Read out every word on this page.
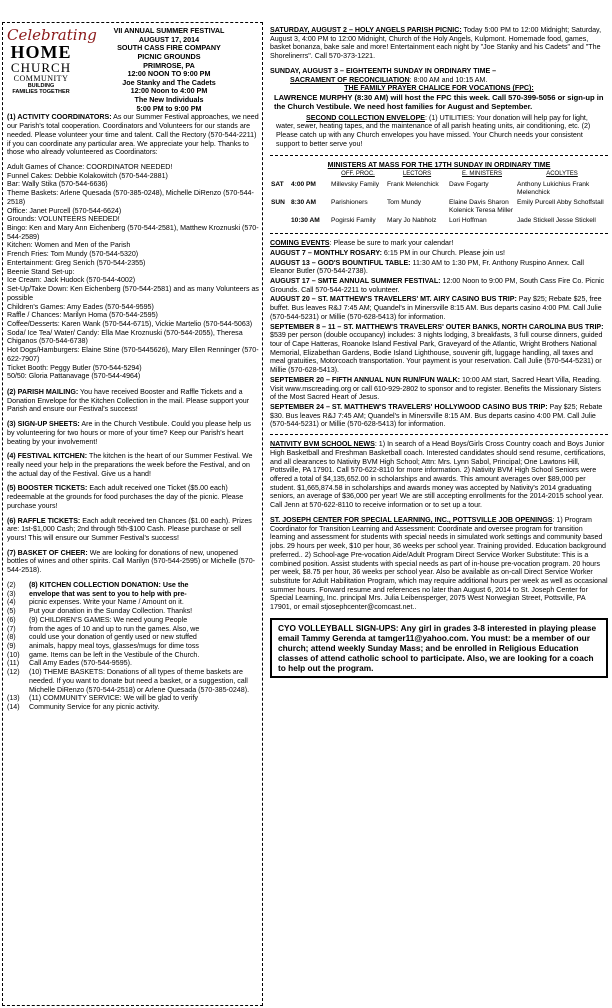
Celebrating
HOME
CHURCH
COMMUNITY
BUILDING
FAMILIES TOGETHER
VII ANNUAL SUMMER FESTIVAL
AUGUST 17, 2014
SOUTH CASS FIRE COMPANY
PICNIC GROUNDS
PRIMROSE, PA
12:00 NOON TO 9:00 PM
Joe Stanky and The Cadets
12:00 Noon to 4:00 PM
The New Individuals
5:00 PM to 9:00 PM

(1) ACTIVITY COORDINATORS: As our Summer Festival approaches, we need our Parish's total cooperation. Coordinators and Volunteers for our stands are needed. Please volunteer your time and talent. Call the Rectory (570-544-2211) if you can coordinate any particular area. We appreciate your help. Thanks to those who already volunteered as Coordinators:

Adult Games of Chance: COORDINATOR NEEDED!
Funnel Cakes: Debbie Kolakowitch (570-544-2881)
Bar: Wally Stika (570-544-6636)
Theme Baskets: Arlene Quesada (570-385-0248), Michelle DiRenzo (570-544-2518)
Office: Janet Purcell (570-544-6624)
Grounds: VOLUNTEERS NEEDED!
Bingo: Ken and Mary Ann Eichenberg (570-544-2581), Matthew Kroznuski (570-544-2589)
Kitchen: Women and Men of the Parish
French Fries: Tom Mundy (570-544-5320)
Entertainment: Greg Senich (570-544-2355)
Beenie Stand Set-up:
Ice Cream: Jack Hudock (570-544-4002)
Set-Up/Take Down: Ken Eichenberg (570-544-2581) and as many Volunteers as possible
Children's Games: Amy Eades (570-544-9595)
Raffle / Chances: Marilyn Homa (570-544-2595)
Coffee/Desserts: Karen Wank (570-544-6715), Vickie Martelio (570-544-5063)
Soda/ Ice Tea/ Water/ Candy: Ella Mae Kroznuski (570-544-2055), Theresa Chiganos (570-544-6738)
Hot Dogs/Hamburgers: Elaine Stine (570-5445626), Mary Ellen Renninger (570-622-7907)
Ticket Booth: Peggy Butler (570-544-5294)
50/50: Gloria Pattanavage (570-544-4964)

(2) PARISH MAILING: You have received Booster and Raffle Tickets and a Donation Envelope for the Kitchen Collection in the mail. Please support your Parish and ensure our Festival's success!

(3) SIGN-UP SHEETS: Are in the Church Vestibule. Could you please help us by volunteering for two hours or more of your time? Keep our Parish's heart beating by your involvement!

(4) FESTIVAL KITCHEN: The kitchen is the heart of our Summer Festival. We really need your help in the preparations the week before the Festival, and on the actual day of the Festival. Give us a hand!

(5) BOOSTER TICKETS: Each adult received one Ticket ($5.00 each) redeemable at the grounds for food purchases the day of the picnic. Please purchase yours!

(6) RAFFLE TICKETS: Each adult received ten Chances ($1.00 each). Prizes are: 1st-$1,000 Cash; 2nd through 5th-$100 Cash. Please purchase or sell yours! This will ensure our Summer Festival's success!

(7) BASKET OF CHEER: We are looking for donations of new, unopened bottles of wines and other spirits. Call Marilyn (570-544-2595) or Michelle (570-544-2518).

(2)	(8) KITCHEN COLLECTION DONATION: Use the
(3)	envelope that was sent to you to help with pre-
(4)	picnic expenses. Write your Name / Amount on it.
(5)	Put your donation in the Sunday Collection. Thanks!
(6)	(9) CHILDREN'S GAMES: We need young People
(7)	from the ages of 10 and up to run the games. Also, we
(8)	could use your donation of gently used or new stuffed
(9)	animals, happy meal toys, glasses/mugs for dime toss
(10)	game. Items can be left in the Vestibule of the Church.
(11)	Call Amy Eades (570-544-9595).
(12)	(10) THEME BASKETS: Donations of all types of theme baskets are needed. If you want to donate but need a basket, or a suggestion, call Michelle DiRenzo (570-544-2518) or Arlene Quesada (570-385-0248).
(13)	(11) COMMUNITY SERVICE: We will be glad to verify
(14)	Community Service for any picnic activity.

SATURDAY, AUGUST 2 – HOLY ANGELS PARISH PICNIC: Today 5:00 PM to 12:00 Midnight; Saturday, August 3, 4:00 PM to 12:00 Midnight, Church of the Holy Angels, Kulpmont. Homemade food, games, basket bonanza, bake sale and more! Entertainment each night by "Joe Stanky and his Cadets" and "The Shorelinerrs". Call 570-373-1221.

SUNDAY, AUGUST 3 – EIGHTEENTH SUNDAY IN ORDINARY TIME –
SACRAMENT OF RECONCILIATION: 8:00 AM and 10:15 AM.
THE FAMILY PRAYER CHALICE FOR VOCATIONS (FPC):
LAWRENCE MURPHY (8:30 AM) will host the FPC this week. Call 570-399-5056 or sign-up in the Church Vestibule. We need host families for August and September.

SECOND COLLECTION ENVELOPE: (1) UTILITIES: Your donation will help pay for light, water, sewer, heating tapes, and the maintenance of all parish heating units, air conditioning, etc. (2) Please catch up with any Church envelopes you have missed. Your Church needs your consistent support to better serve you!

MINISTERS AT MASS FOR THE 17TH SUNDAY IN ORDINARY TIME
		OFF. PROC.	LECTORS	E. MINISTERS	ACOLYTES
SAT	4:00 PM	Millevsky Family	Frank Melenchick	Dave Fogarty	Anthony Lukichius Frank Melenchick
SUN	8:30 AM	Parishioners	Tom Mundy	Elaine Davis Sharon Kolenick Teresa Miller	Emily Purcell Abby Schoffstall
	10:30 AM	Pogirski Family	Mary Jo Nabholz	Lori Hoffman	Jade Stickell Jesse Stickell
COMING EVENTS: Please be sure to mark your calendar!
AUGUST 7 – MONTHLY ROSARY: 6:15 PM in our Church. Please join us!
AUGUST 13 – GOD'S BOUNTIFUL TABLE: 11:30 AM to 1:30 PM, Fr. Anthony Ruspino Annex. Call Eleanor Butler (570-544-2738).
AUGUST 17 – SMTE ANNUAL SUMMER FESTIVAL: 12:00 Noon to 9:00 PM, South Cass Fire Co. Picnic Grounds. Call 570-544-2211 to volunteer.
AUGUST 20 – ST. MATTHEW'S TRAVELERS' MT. AIRY CASINO BUS TRIP: Pay $25; Rebate $25, free buffet. Bus leaves R&J 7:45 AM; Quandel's in Minersville 8:15 AM. Bus departs casino 4:00 PM. Call Julie (570-544-5231) or Millie (570-628-5413) for information.
SEPTEMBER 8 – 11 – ST. MATTHEW'S TRAVELERS' OUTER BANKS, NORTH CAROLINA BUS TRIP: $539 per person (double occupancy) includes: 3 nights lodging, 3 breakfasts, 3 full course dinners, guided tour of Cape Hatteras, Roanoke Island Festival Park, Graveyard of the Atlantic, Wright Brothers National Memorial, Elizabethan Gardens, Bodie Island Lighthouse, souvenir gift, luggage handling, all taxes and meal gratuities, Motorcoach transportation. Your payment is your reservation. Call Julie (570-544-5231) or Millie (570-628-5413).
SEPTEMBER 20 – FIFTH ANNUAL NUN RUN/FUN WALK: 10:00 AM start, Sacred Heart Villa, Reading. Visit www.mscreading.org or call 610-929-2802 to sponsor and to register. Benefits the Missionary Sisters of the Most Sacred Heart of Jesus.
SEPTEMBER 24 – ST. MATTHEW'S TRAVELERS' HOLLYWOOD CASINO BUS TRIP: Pay $25; Rebate $30. Bus leaves R&J 7:45 AM; Quandel's in Minersville 8:15 AM. Bus departs casino 4:00 PM. Call Julie (570-544-5231) or Millie (570-628-5413) for information.

NATIVITY BVM SCHOOL NEWS: 1) In search of a Head Boys/Girls Cross Country coach and Boys Junior High Basketball and Freshman Basketball coach. Interested candidates should send resume, certifications, and all clearances to Nativity BVM High School; Attn: Mrs. Lynn Sabol, Principal; One Lawtons Hill, Pottsville, PA 17901. Call 570-622-8110 for more information. 2) Nativity BVM High School Seniors were offered a total of $4,135,652.00 in scholarships and awards. This amount averages over $89,000 per student. $1,665,874.58 in scholarships and awards money was accepted by Nativity's 2014 graduating seniors, an average of $36,000 per year! We are still accepting enrollments for the 2014-2015 school year. Call Jenn at 570-622-8110 to receive information or to set up a tour.

ST. JOSEPH CENTER FOR SPECIAL LEARNING, INC., POTTSVILLE JOB OPENINGS: 1) Program Coordinator for Transition Learning and Assessment: Coordinate and oversee program for transition learning and assessment for students with special needs in simulated work settings and community based jobs. 29 hours per week, $10 per hour, 36 weeks per school year. Training provided. Education background preferred.. 2) School-age Pre-vocation Aide/Adult Program Direct Service Worker Substitute: This is a combined position. Assist students with special needs as part of in-house pre-vocation program. 20 hours per week, $8.75 per hour, 36 weeks per school year. Also be available as on-call Direct Service Worker substitute for Adult Habilitation Program, which may require additional hours per week as well as occasional summer hours. Forward resume and references no later than August 6, 2014 to St. Joseph Center for Special Learning, Inc. principal Mrs. Julia Leibensperger, 2075 West Norwegian Street, Pottsville, PA 17901, or email stjosephcenter@comcast.net..

CYO VOLLEYBALL SIGN-UPS: Any girl in grades 3-8 interested in playing please email Tammy Gerenda at tamger11@yahoo.com. You must: be a member of our church; attend weekly Sunday Mass; and be enrolled in Religious Education classes of attend catholic school to participate. Also, we are looking for a coach to help out the program.
